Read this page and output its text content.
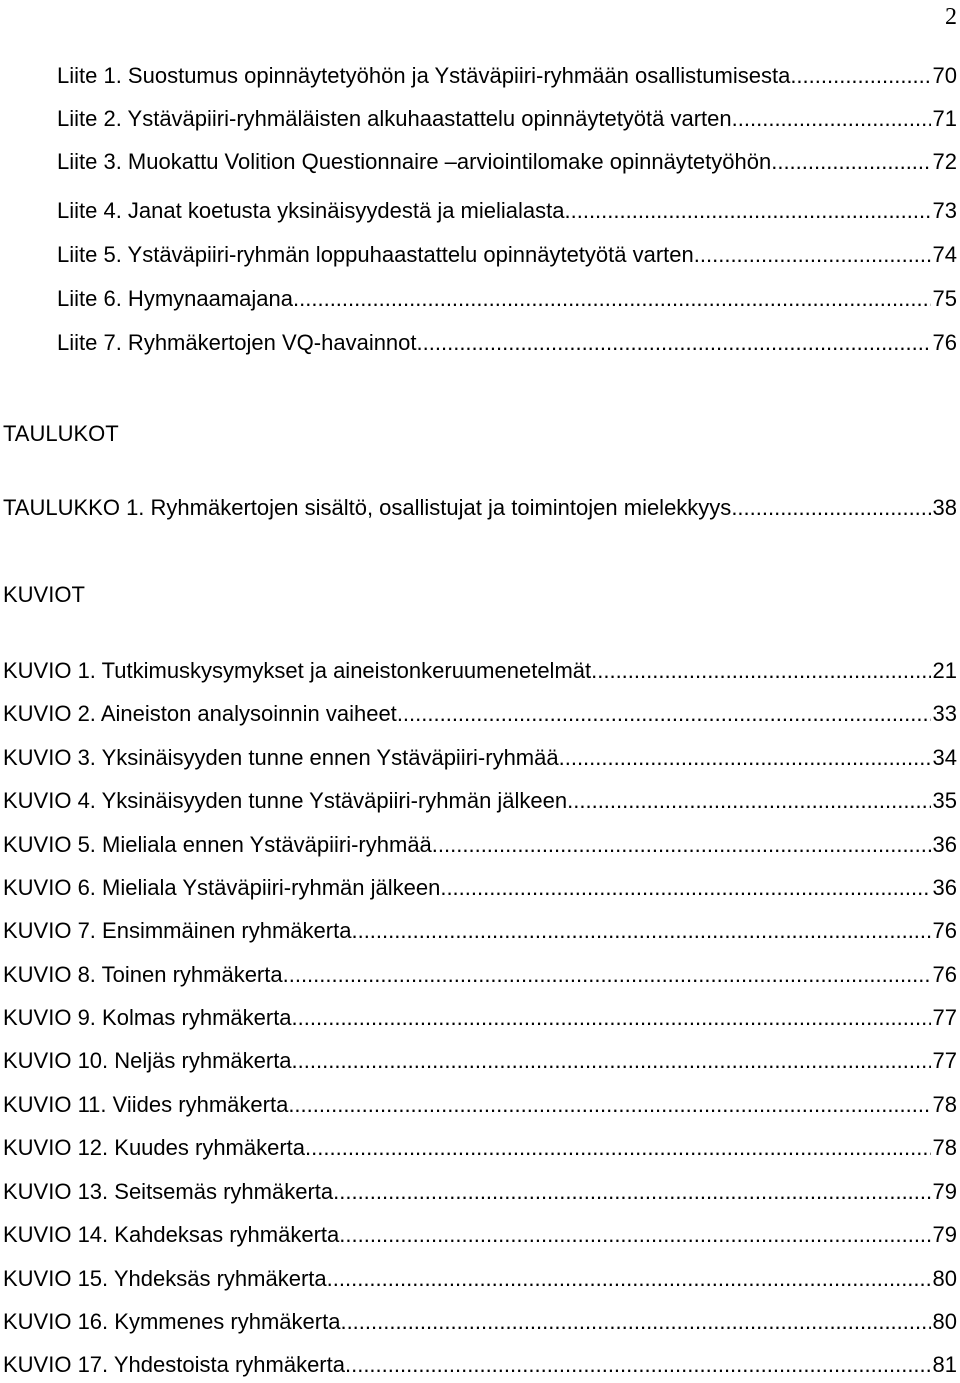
2
Liite 1. Suostumus opinnäytetyöhön ja Ystäväpiiri-ryhmään osallistumisesta .....	70
Liite 2. Ystäväpiiri-ryhmäläisten alkuhaastattelu opinnäytetyötä varten. .....	71
Liite 3. Muokattu Volition Questionnaire –arviointilomake opinnäytetyöhön .....	72
Liite 4. Janat koetusta yksinäisyydestä ja mielialasta. .....	73
Liite 5. Ystäväpiiri-ryhmän loppuhaastattelu opinnäytetyötä varten .....	74
Liite 6. Hymynaamajana .....	75
Liite 7. Ryhmäkertojen VQ-havainnot .....	76
TAULUKOT
TAULUKKO 1. Ryhmäkertojen sisältö, osallistujat ja toimintojen mielekkyys .....	38
KUVIOT
KUVIO 1. Tutkimuskysymykset ja aineistonkeruumenetelmät .....	21
KUVIO 2. Aineiston analysoinnin vaiheet .....	33
KUVIO 3. Yksinäisyyden tunne ennen Ystäväpiiri-ryhmää. .....	34
KUVIO 4. Yksinäisyyden tunne Ystäväpiiri-ryhmän jälkeen. .....	35
KUVIO 5. Mieliala ennen Ystäväpiiri-ryhmää .....	36
KUVIO 6. Mieliala Ystäväpiiri-ryhmän jälkeen. .....	36
KUVIO 7. Ensimmäinen ryhmäkerta .....	76
KUVIO 8. Toinen ryhmäkerta .....	76
KUVIO 9. Kolmas ryhmäkerta .....	77
KUVIO 10. Neljäs ryhmäkerta .....	77
KUVIO 11. Viides ryhmäkerta .....	78
KUVIO 12. Kuudes ryhmäkerta .....	78
KUVIO 13. Seitsemäs ryhmäkerta .....	79
KUVIO 14. Kahdeksas ryhmäkerta .....	79
KUVIO 15. Yhdeksäs ryhmäkerta .....	80
KUVIO 16. Kymmenes ryhmäkerta .....	80
KUVIO 17. Yhdestoista ryhmäkerta .....	81
